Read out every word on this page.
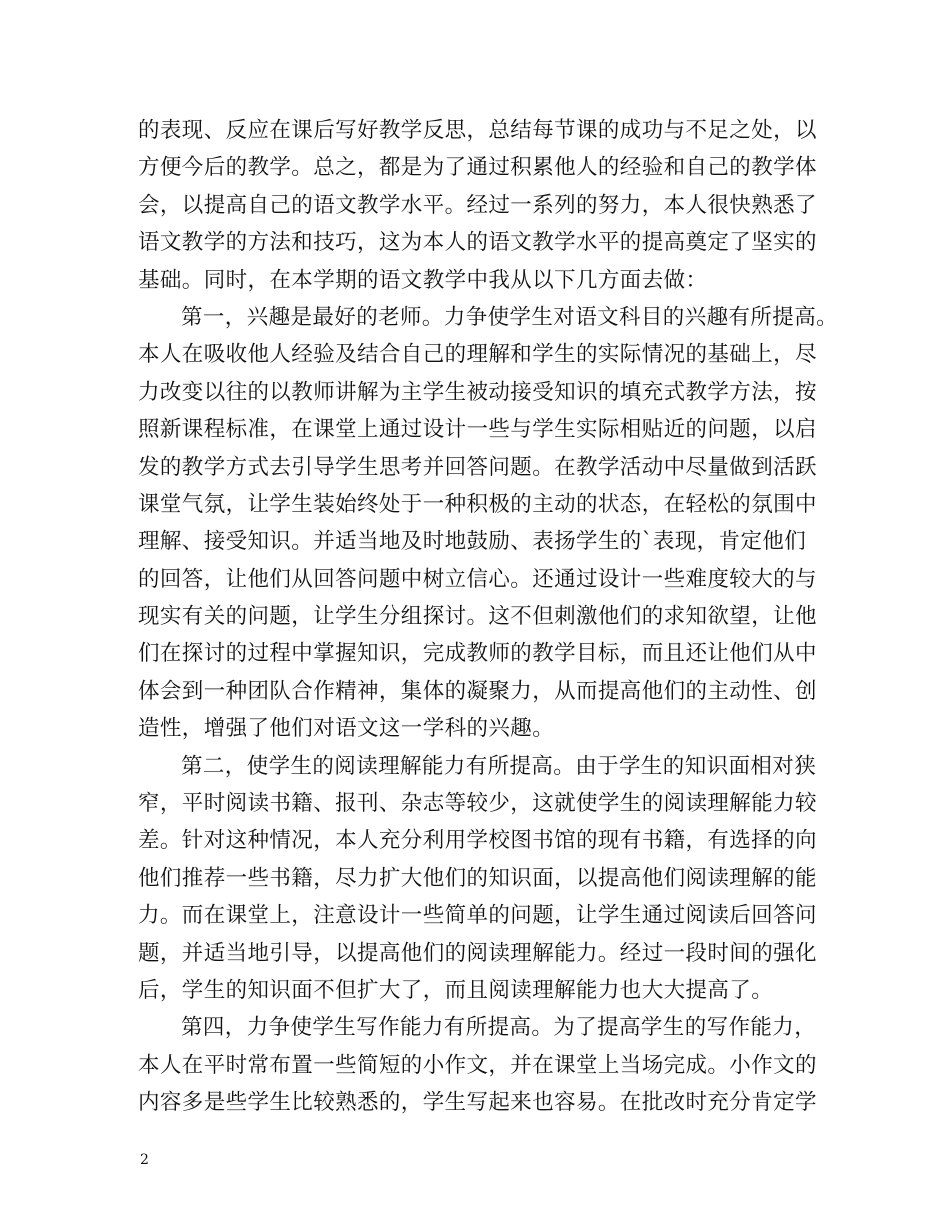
的表现、反应在课后写好教学反思，总结每节课的成功与不足之处，以
方便今后的教学。总之，都是为了通过积累他人的经验和自己的教学体
会，以提高自己的语文教学水平。经过一系列的努力，本人很快熟悉了
语文教学的方法和技巧，这为本人的语文教学水平的提高奠定了坚实的
基础。同时，在本学期的语文教学中我从以下几方面去做：
第一，兴趣是最好的老师。力争使学生对语文科目的兴趣有所提高。
本人在吸收他人经验及结合自己的理解和学生的实际情况的基础上，尽
力改变以往的以教师讲解为主学生被动接受知识的填充式教学方法，按
照新课程标准，在课堂上通过设计一些与学生实际相贴近的问题，以启
发的教学方式去引导学生思考并回答问题。在教学活动中尽量做到活跃
课堂气氛，让学生装始终处于一种积极的主动的状态，在轻松的氛围中
理解、接受知识。并适当地及时地鼓励、表扬学生的`表现，肯定他们
的回答，让他们从回答问题中树立信心。还通过设计一些难度较大的与
现实有关的问题，让学生分组探讨。这不但刺激他们的求知欲望，让他
们在探讨的过程中掌握知识，完成教师的教学目标，而且还让他们从中
体会到一种团队合作精神，集体的凝聚力，从而提高他们的主动性、创
造性，增强了他们对语文这一学科的兴趣。
第二，使学生的阅读理解能力有所提高。由于学生的知识面相对狭
窄，平时阅读书籍、报刊、杂志等较少，这就使学生的阅读理解能力较
差。针对这种情况，本人充分利用学校图书馆的现有书籍，有选择的向
他们推荐一些书籍，尽力扩大他们的知识面，以提高他们阅读理解的能
力。而在课堂上，注意设计一些简单的问题，让学生通过阅读后回答问
题，并适当地引导，以提高他们的阅读理解能力。经过一段时间的强化
后，学生的知识面不但扩大了，而且阅读理解能力也大大提高了。
第四，力争使学生写作能力有所提高。为了提高学生的写作能力，
本人在平时常布置一些简短的小作文，并在课堂上当场完成。小作文的
内容多是些学生比较熟悉的，学生写起来也容易。在批改时充分肯定学
2
